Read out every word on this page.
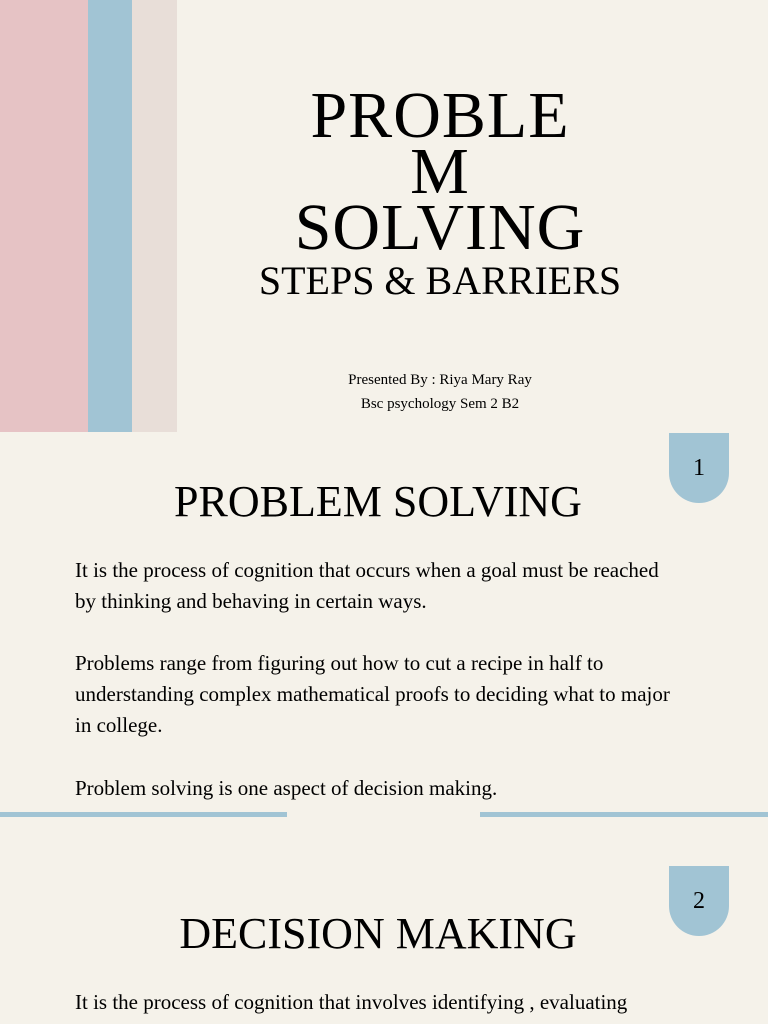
PROBLE
M
SOLVING
STEPS & BARRIERS
Presented By : Riya Mary Ray
Bsc psychology Sem 2 B2
1
PROBLEM SOLVING

It is the process of cognition that occurs when a goal must be reached by thinking and behaving in certain ways.

Problems range from figuring out how to cut a recipe in half to understanding complex mathematical proofs to deciding what to major in college.

Problem solving is one aspect of decision making.

2
DECISION MAKING

It is the process of cognition that involves identifying , evaluating
